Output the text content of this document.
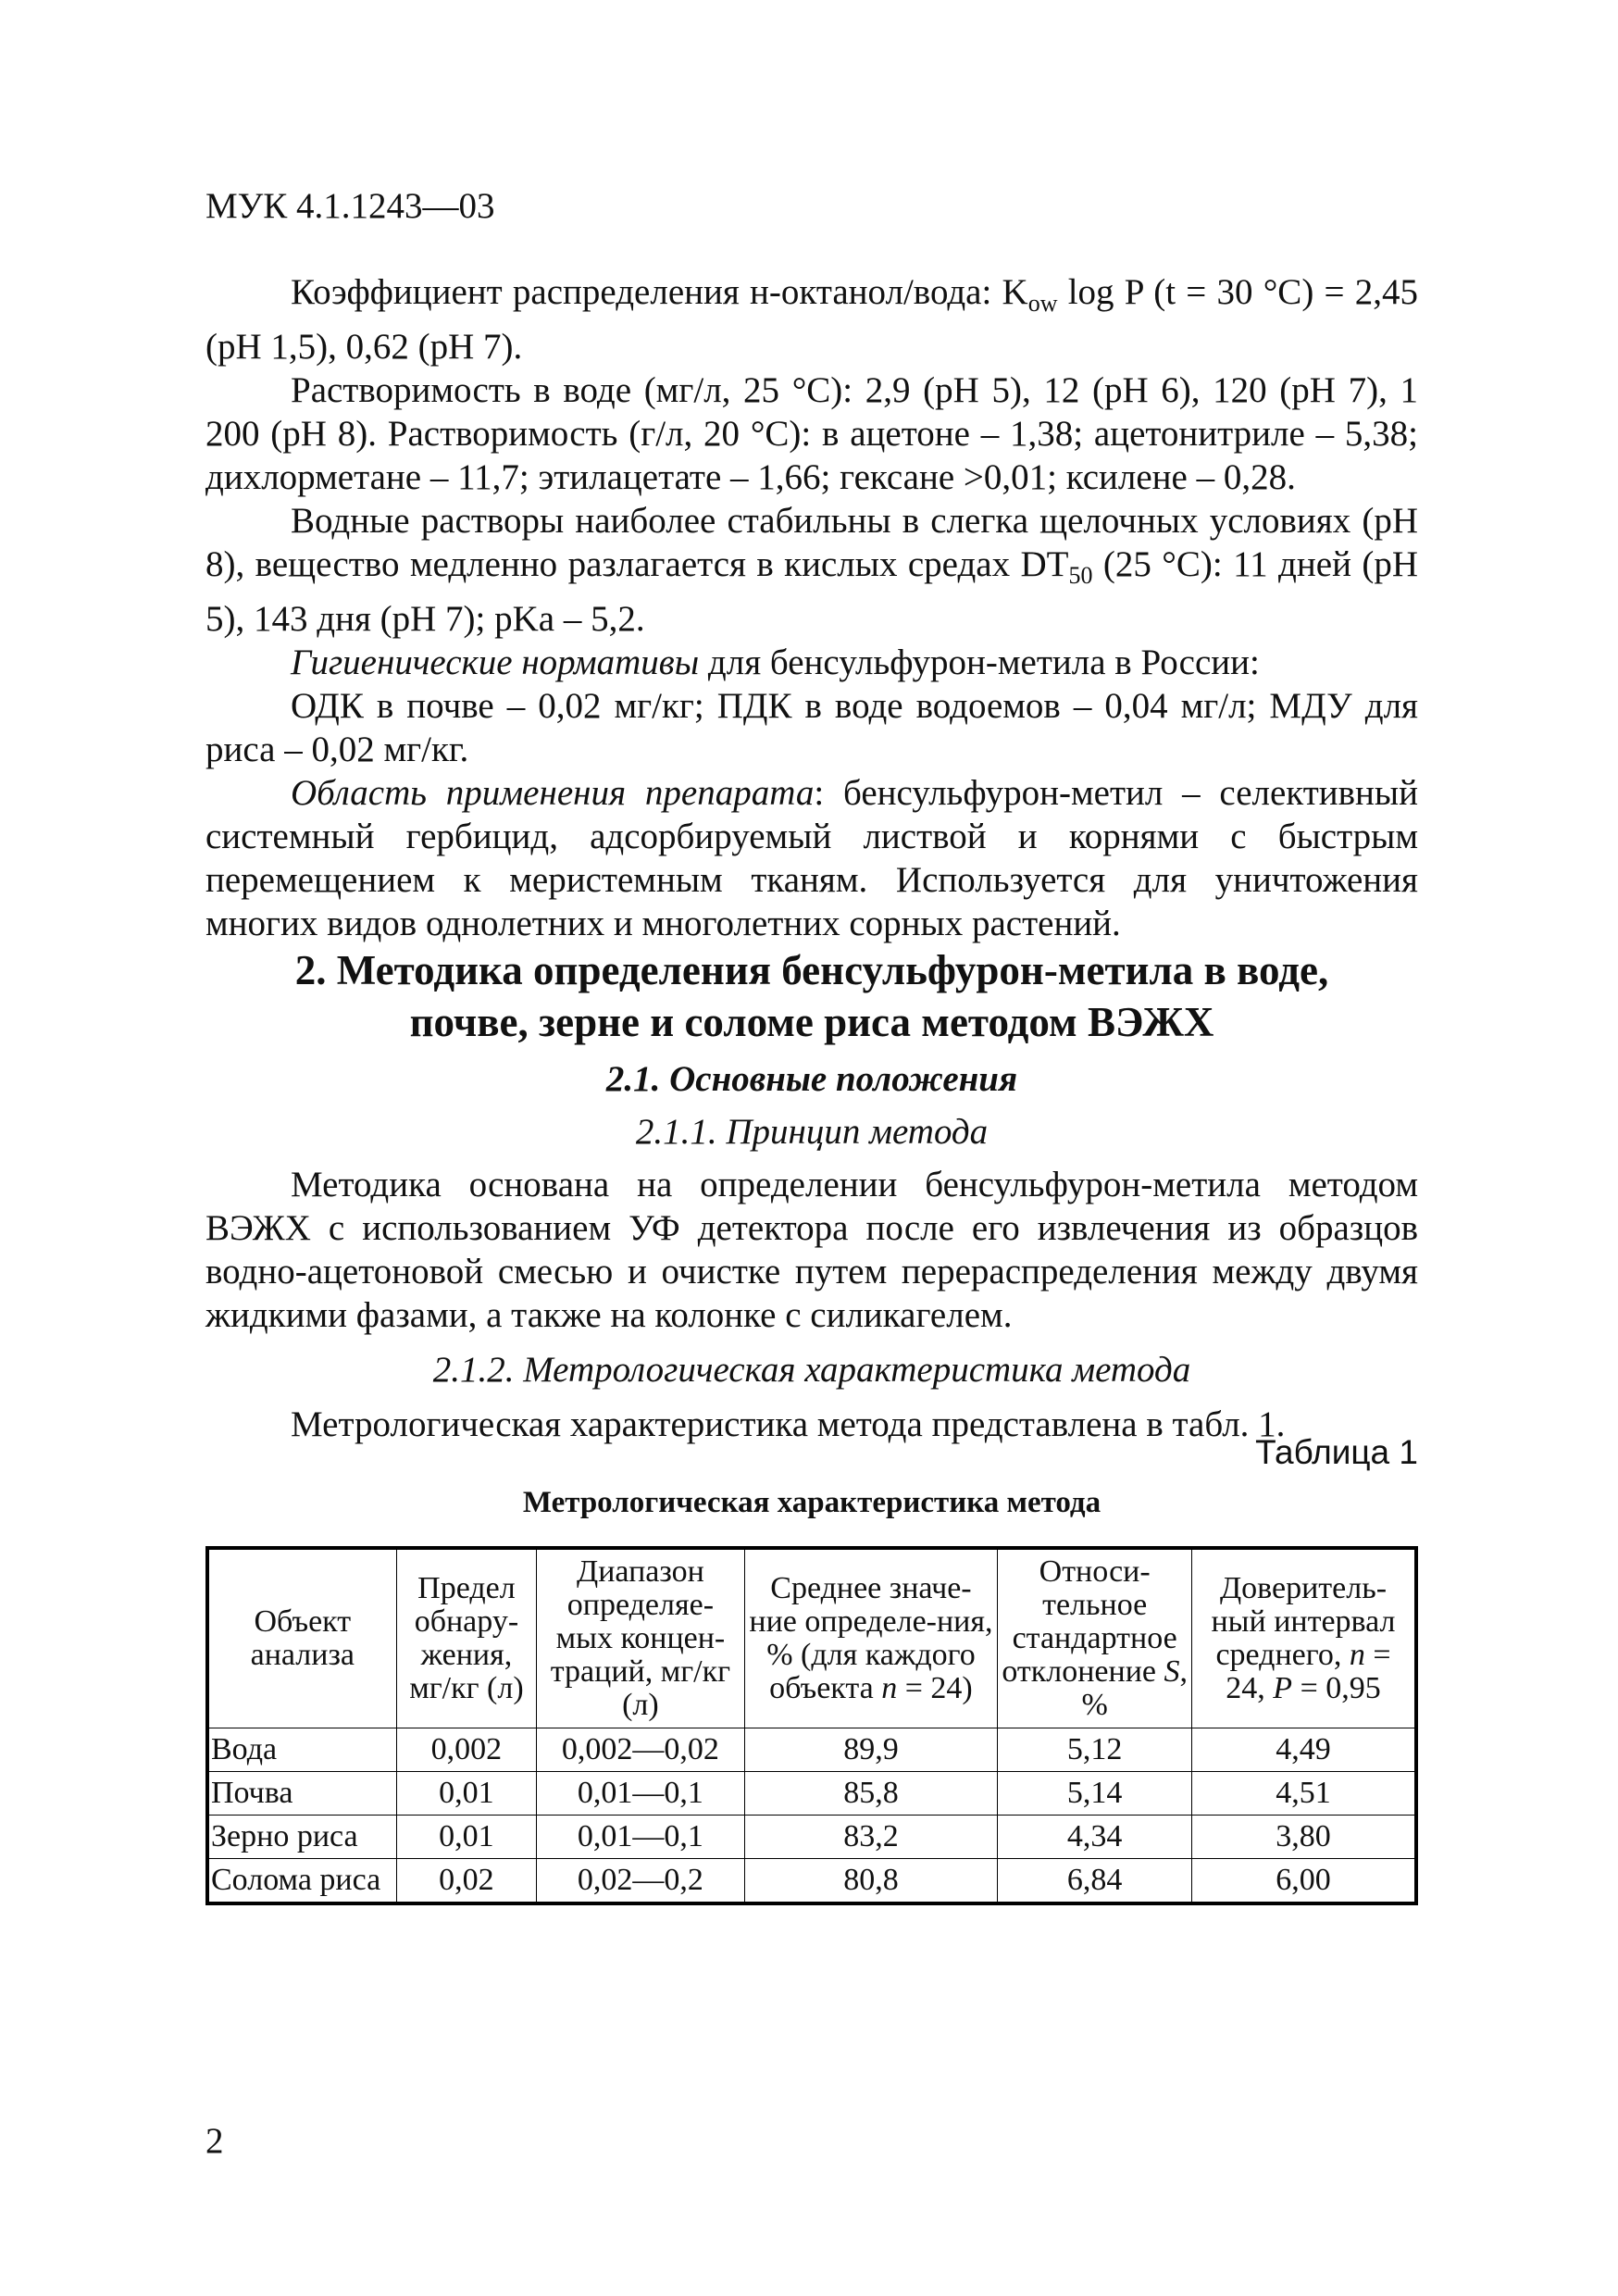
МУК 4.1.1243—03

Коэффициент распределения н-октанол/вода: $K_{ow}$ log P (t = 30 °C) = 2,45 (pH 1,5), 0,62 (pH 7).

Растворимость в воде (мг/л, 25 °C): 2,9 (pH 5), 12 (pH 6), 120 (pH 7), 1 200 (pH 8). Растворимость (г/л, 20 °C): в ацетоне – 1,38; ацетонитриле – 5,38; дихлорметане – 11,7; этилацетате – 1,66; гексане >0,01; ксилене – 0,28.

Водные растворы наиболее стабильны в слегка щелочных условиях (pH 8), вещество медленно разлагается в кислых средах $DT_{50}$ (25 °C): 11 дней (pH 5), 143 дня (pH 7); pKa – 5,2.

Гигиенические нормативы для бенсульфурон-метила в России:

ОДК в почве – 0,02 мг/кг; ПДК в воде водоемов – 0,04 мг/л; МДУ для риса – 0,02 мг/кг.

Область применения препарата: бенсульфурон-метил – селективный системный гербицид, адсорбируемый листвой и корнями с быстрым перемещением к меристемным тканям. Используется для уничтожения многих видов однолетних и многолетних сорных растений.

2. Методика определения бенсульфурон-метила в воде,

почве, зерне и соломе риса методом ВЭЖХ

2.1. Основные положения

2.1.1. Принцип метода

Методика основана на определении бенсульфурон-метила методом ВЭЖХ с использованием УФ детектора после его извлечения из образцов водно-ацетоновой смесью и очистке путем перераспределения между двумя жидкими фазами, а также на колонке с силикагелем.

2.1.2. Метрологическая характеристика метода

Метрологическая характеристика метода представлена в табл. 1.

Таблица 1
Метрологическая характеристика метода
Объект анализа	Предел обнару-жения, мг/кг (л)	Диапазон определяе-мых концен-траций, мг/кг (л)	Среднее значе-ние определе-ния, % (для каждого объекта n = 24)	Относи-тельное стандартное отклонение S, %	Доверитель-ный интервал среднего, n = 24, P = 0,95
Вода	0,002	0,002—0,02	89,9	5,12	4,49
Почва	0,01	0,01—0,1	85,8	5,14	4,51
Зерно риса	0,01	0,01—0,1	83,2	4,34	3,80
Солома риса	0,02	0,02—0,2	80,8	6,84	6,00
2
